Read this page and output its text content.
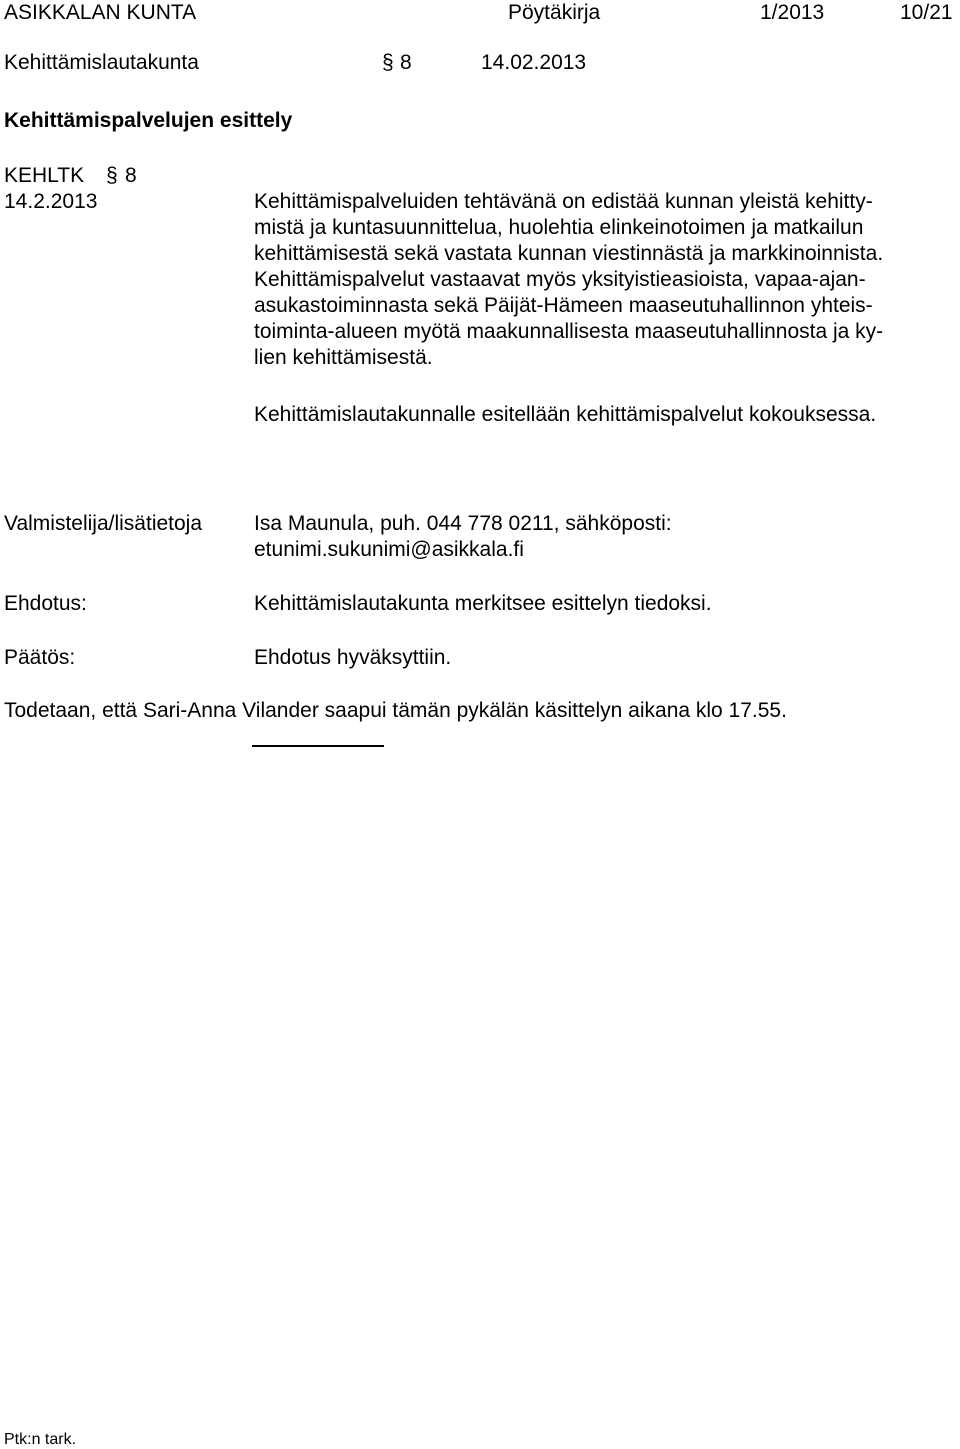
ASIKKALAN KUNTA	Pöytäkirja	1/2013	10/21
Kehittämislautakunta	§ 8	14.02.2013
Kehittämispalvelujen esittely
KEHLTK § 8
14.2.2013	Kehittämispalveluiden tehtävänä on edistää kunnan yleistä kehitty-
mistä ja kuntasuunnittelua, huolehtia elinkeinotoimen ja matkailun
kehittämisestä sekä vastata kunnan viestinnästä ja markkinoinnista.
Kehittämispalvelut vastaavat myös yksityistieasioista, vapaa-ajan-
asukastoiminnasta sekä Päijät-Hämeen maaseutuhallinnon yhteis-
toiminta-alueen myötä maakunnallisesta maaseutuhallinnosta ja ky-
lien kehittämisestä.
Kehittämislautakunnalle esitellään kehittämispalvelut kokouksessa.
Valmistelija/lisätietoja Isa Maunula, puh. 044 778 0211, sähköposti:
etunimi.sukunimi@asikkala.fi
Ehdotus:	Kehittämislautakunta merkitsee esittelyn tiedoksi.
Päätös:	Ehdotus hyväksyttiin.
Todetaan, että Sari-Anna Vilander saapui tämän pykälän käsittelyn aikana klo 17.55.
Ptk:n tark.
